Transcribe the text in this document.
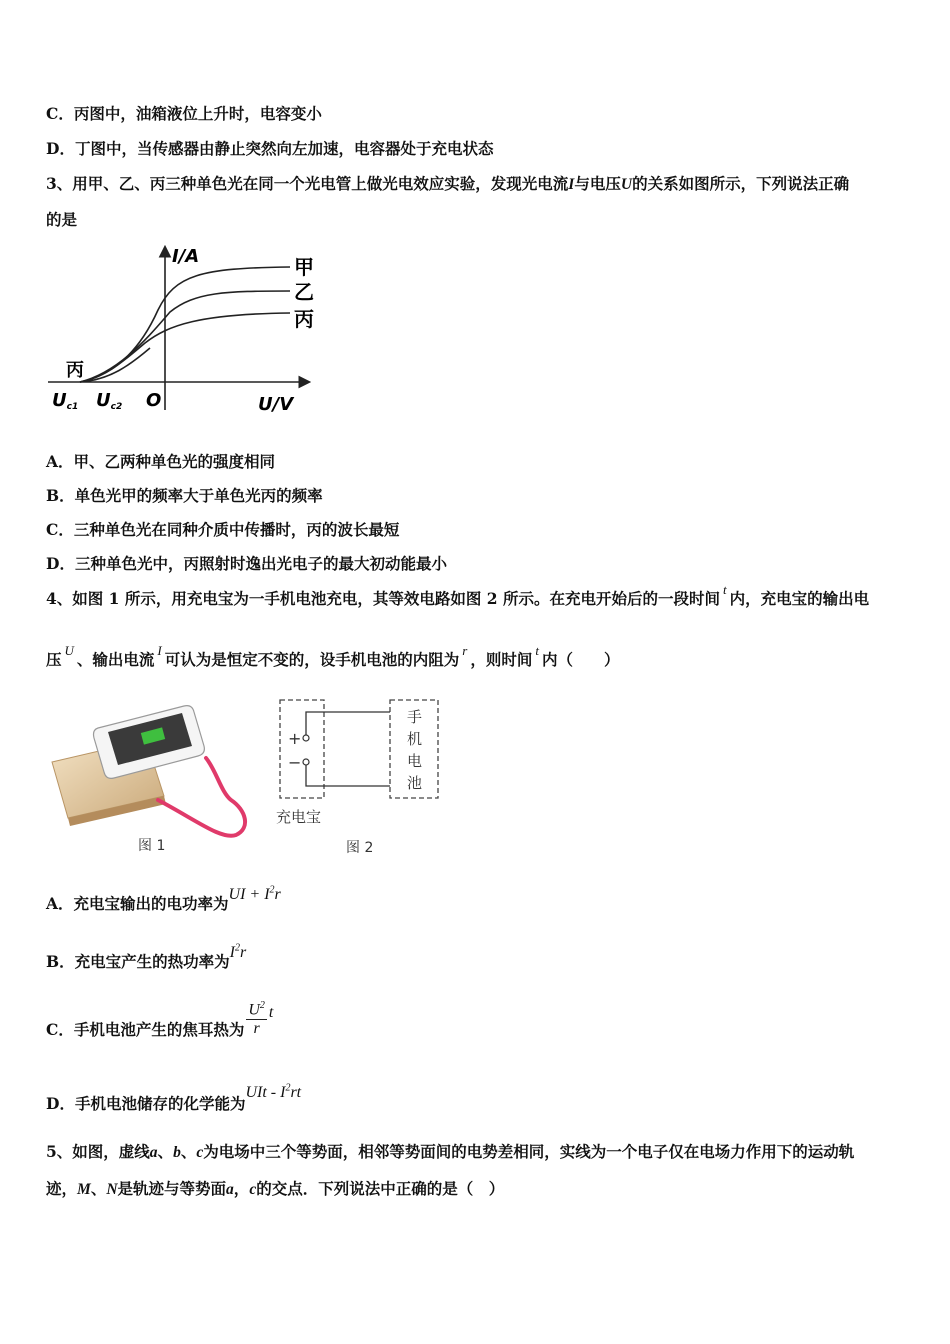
C．丙图中，油箱液位上升时，电容变小
D．丁图中，当传感器由静止突然向左加速，电容器处于充电状态
3、用甲、乙、丙三种单色光在同一个光电管上做光电效应实验，发现光电流I与电压U的关系如图所示，下列说法正确
的是
I/A
U/V
O
Uc1 Uc2
甲
乙
丙
丙
A．甲、乙两种单色光的强度相同
B．单色光甲的频率大于单色光丙的频率
C．三种单色光在同种介质中传播时，丙的波长最短
D．三种单色光中，丙照射时逸出光电子的最大初动能最小
4、如图 1 所示，用充电宝为一手机电池充电，其等效电路如图 2 所示。在充电开始后的一段时间 $^t$ 内，充电宝的输出电
压 $^U$ 、输出电流 $^I$ 可认为是恒定不变的，设手机电池的内阻为 $^r$ ，则时间 $^t$ 内（　　）
图 1
+
−
手
机
电
池
充电宝
图 2
A．充电宝输出的电功率为UI + $I^2r$
B．充电宝产生的热功率为$I^2r$
C．手机电池产生的焦耳热为 $\frac{U^2}{r}$ t
D．手机电池储存的化学能为UIt - $I^2rt$
5、如图，虚线a、b、c为电场中三个等势面，相邻等势面间的电势差相同，实线为一个电子仅在电场力作用下的运动轨
迹，M、N是轨迹与等势面a，c的交点．下列说法中正确的是（　）
